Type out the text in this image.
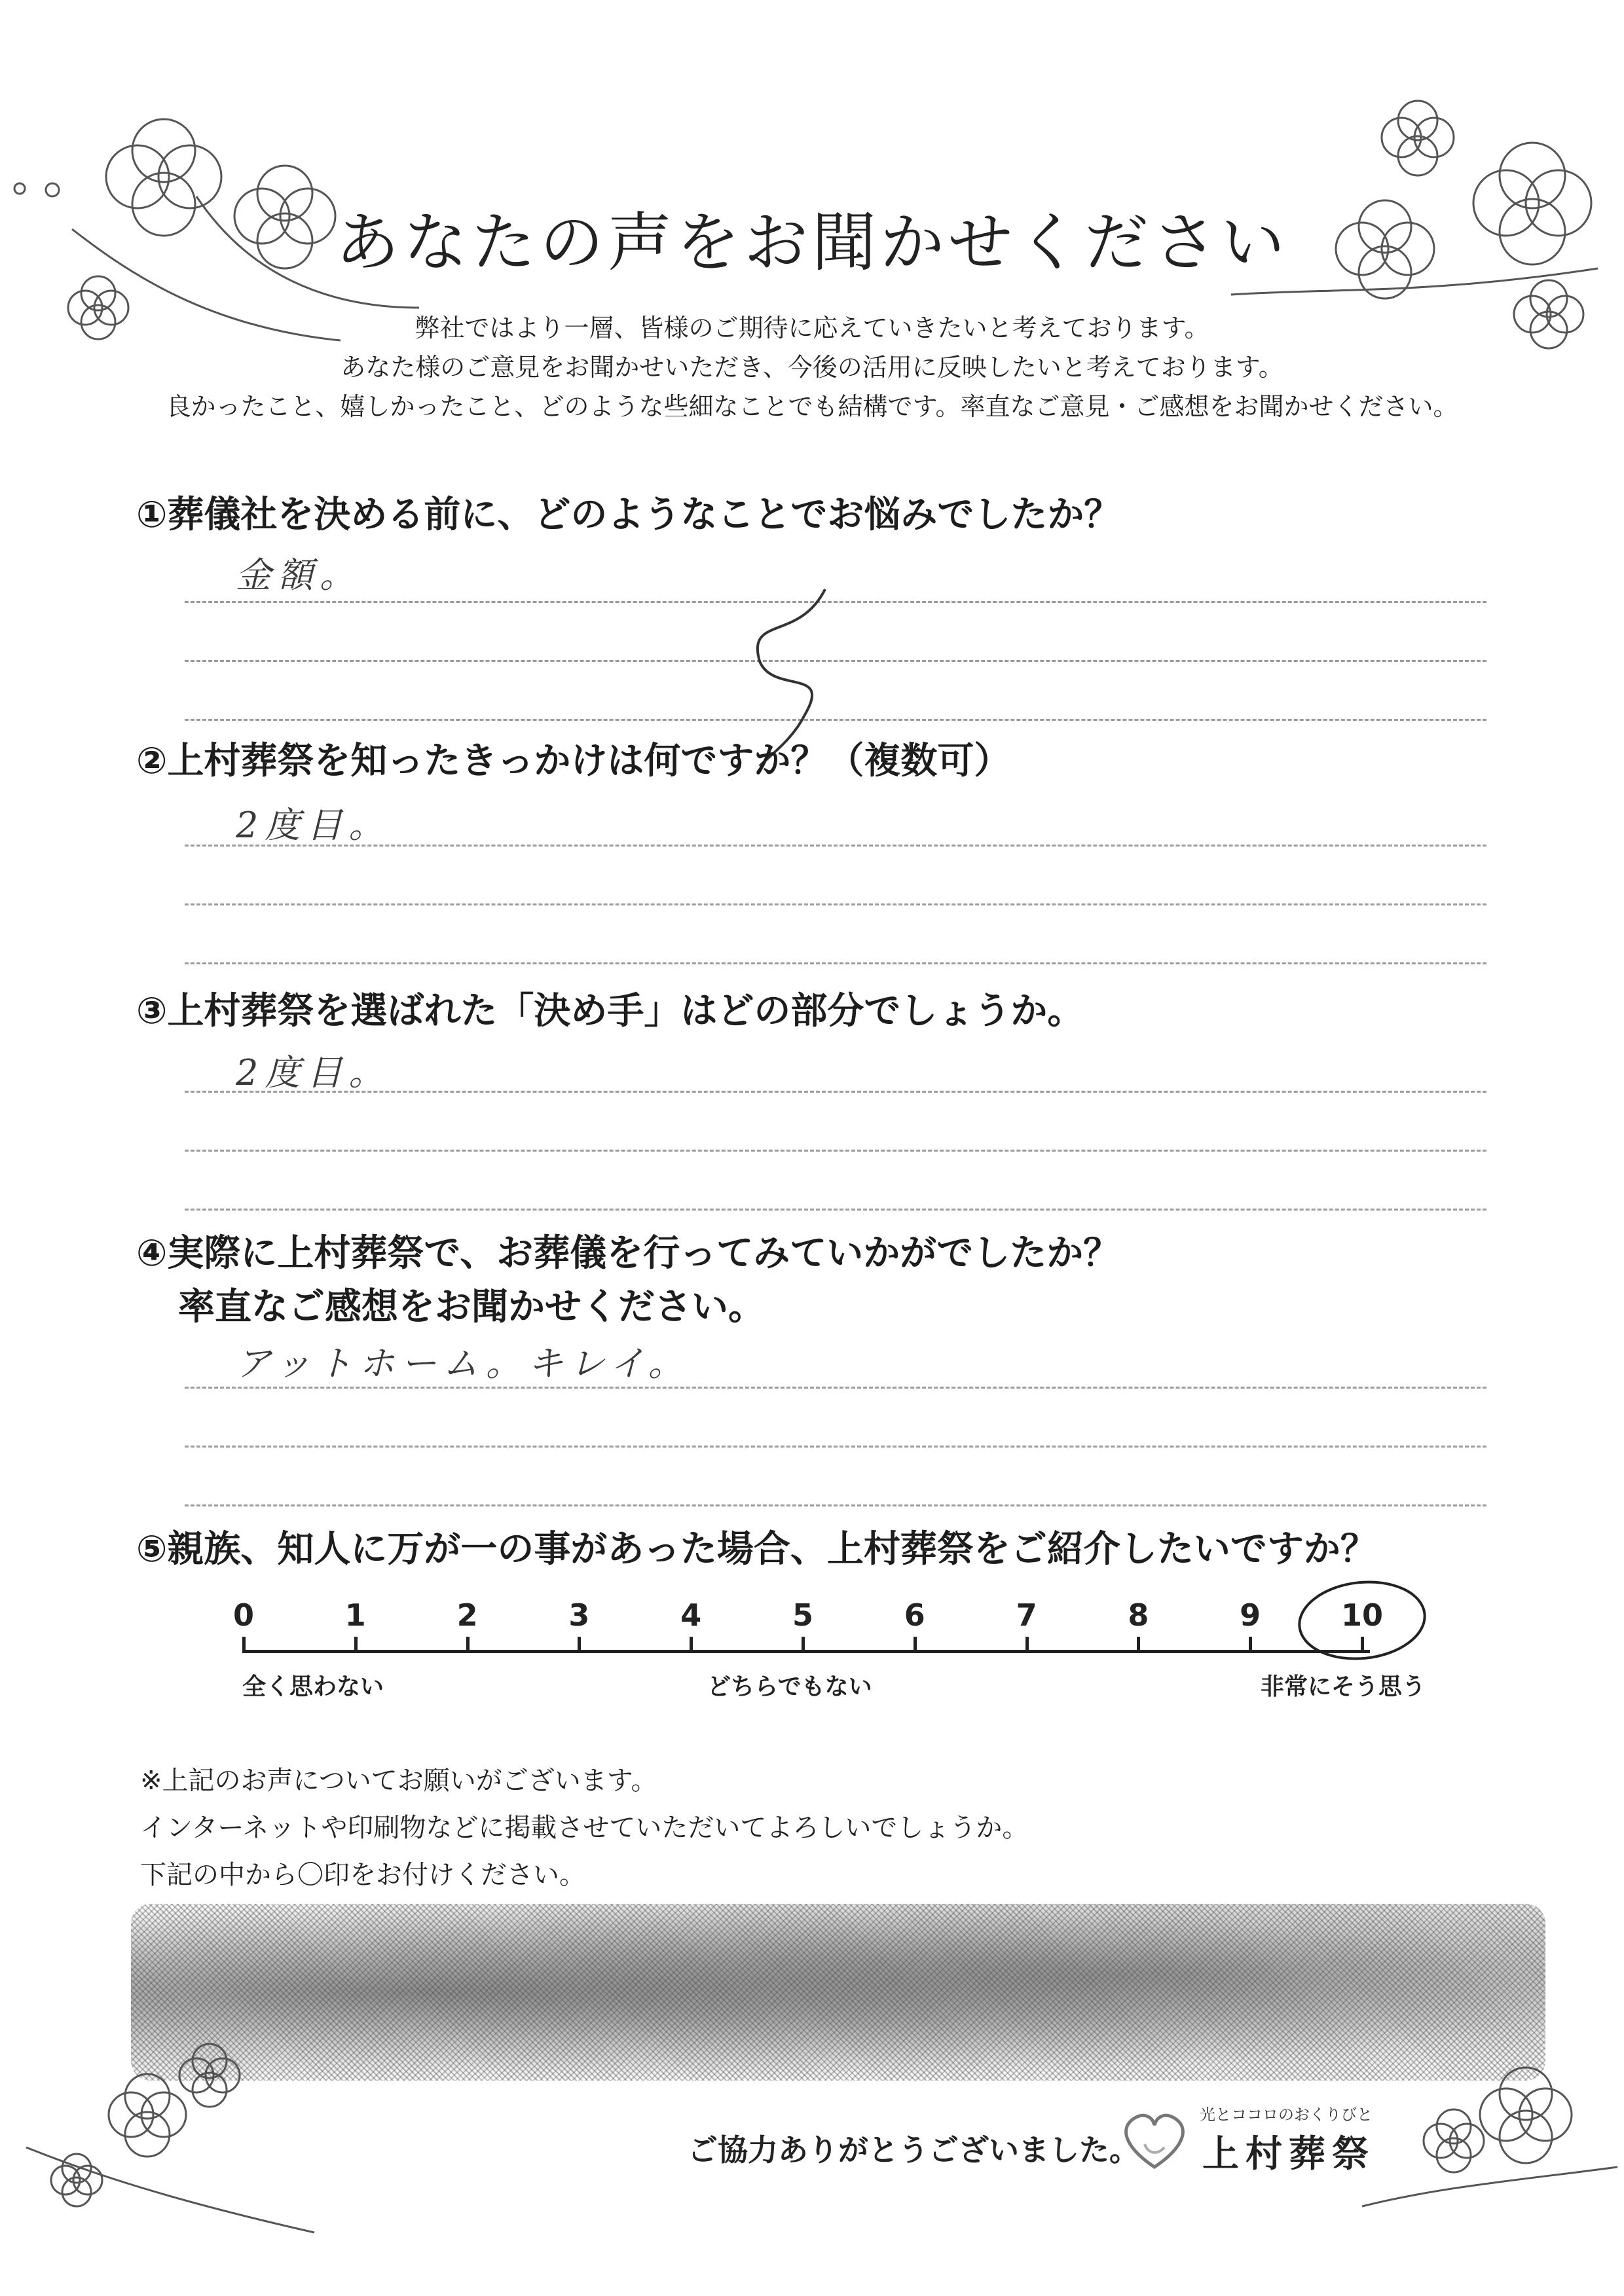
あなたの声をお聞かせください
弊社ではより一層、皆様のご期待に応えていきたいと考えております。
あなた様のご意見をお聞かせいただき、今後の活用に反映したいと考えております。
良かったこと、嬉しかったこと、どのような些細なことでも結構です。率直なご意見・ご感想をお聞かせください。
①葬儀社を決める前に、どのようなことでお悩みでしたか？
金額。
②上村葬祭を知ったきっかけは何ですか？（複数可）
2度目。
③上村葬祭を選ばれた「決め手」はどの部分でしょうか。
2度目。
④実際に上村葬祭で、お葬儀を行ってみていかがでしたか？
率直なご感想をお聞かせください。
アットホーム。キレイ。
⑤親族、知人に万が一の事があった場合、上村葬祭をご紹介したいですか？
0	1	2	3	4	5	6	7	8	9	10
全く思わない	どちらでもない	非常にそう思う
※上記のお声についてお願いがございます。
インターネットや印刷物などに掲載させていただいてよろしいでしょうか。
下記の中から〇印をお付けください。
ご協力ありがとうございました。
光とココロのおくりびと
上村葬祭
